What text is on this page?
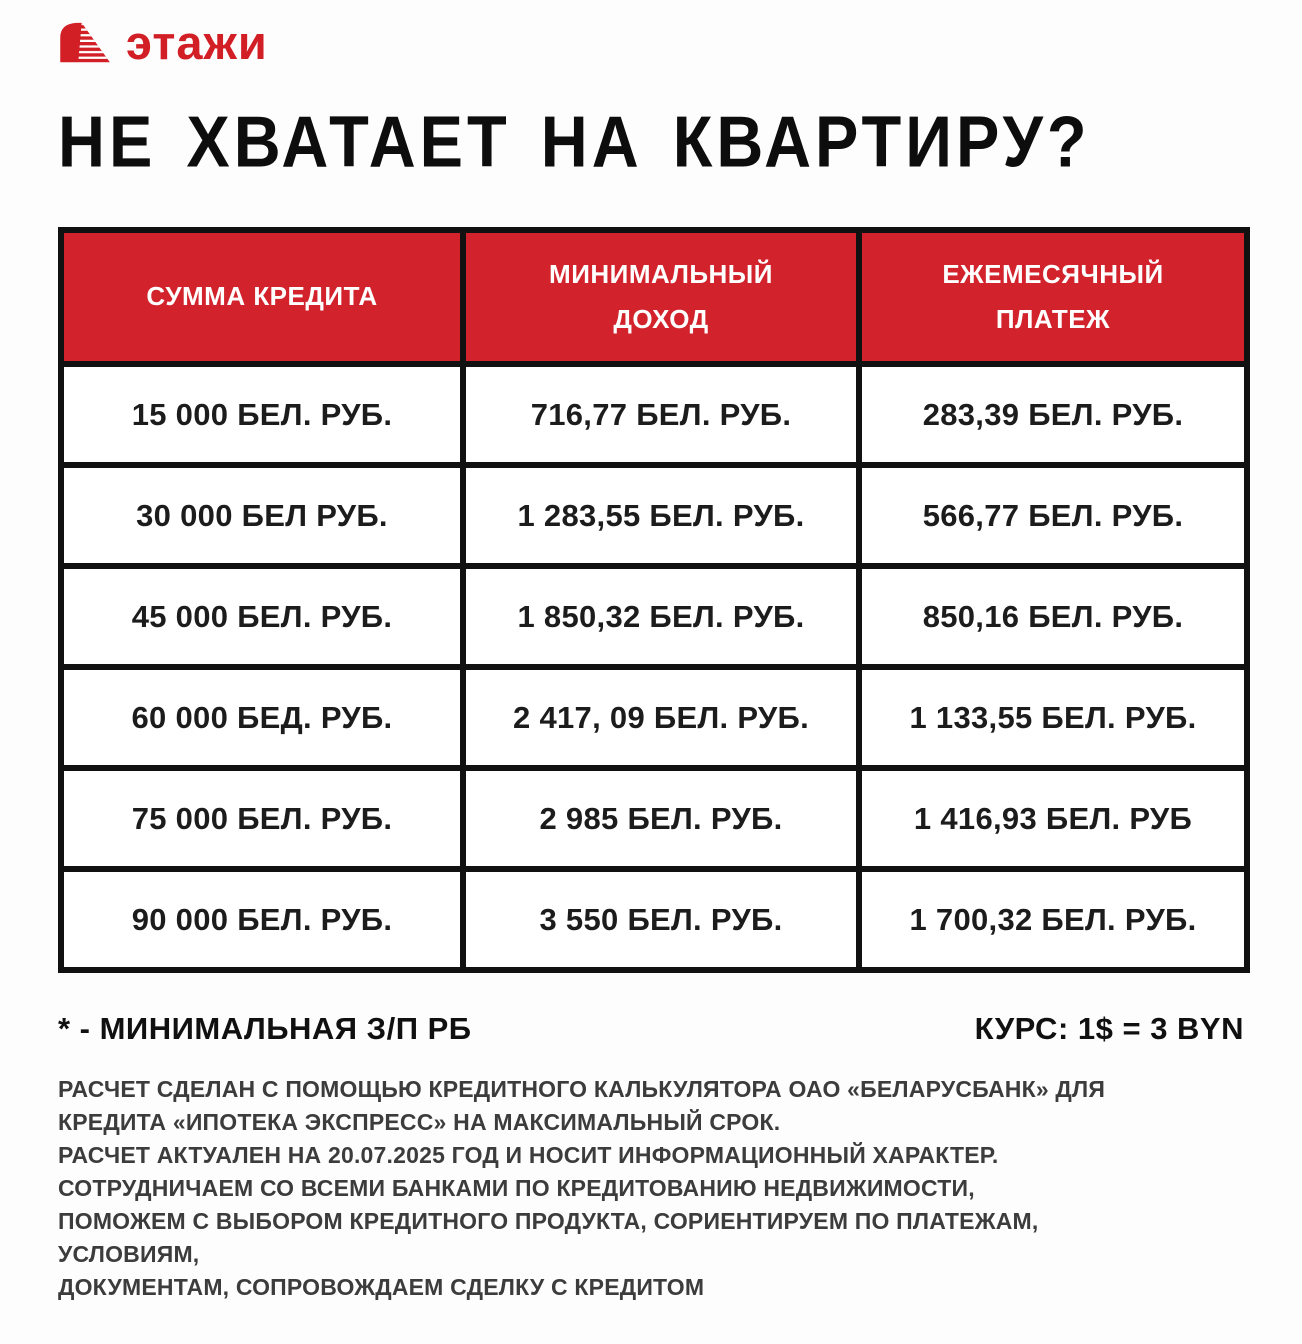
этажи
НЕ ХВАТАЕТ НА КВАРТИРУ?
СУММА КРЕДИТА	МИНИМАЛЬНЫЙ ДОХОД	ЕЖЕМЕСЯЧНЫЙ ПЛАТЕЖ
15 000 БЕЛ. РУБ.	716,77 БЕЛ. РУБ.	283,39 БЕЛ. РУБ.
30 000 БЕЛ РУБ.	1 283,55 БЕЛ. РУБ.	566,77 БЕЛ. РУБ.
45 000 БЕЛ. РУБ.	1 850,32 БЕЛ. РУБ.	850,16 БЕЛ. РУБ.
60 000 БЕД. РУБ.	2 417, 09 БЕЛ. РУБ.	1 133,55 БЕЛ. РУБ.
75 000 БЕЛ. РУБ.	2 985 БЕЛ. РУБ.	1 416,93 БЕЛ. РУБ
90 000 БЕЛ. РУБ.	3 550 БЕЛ. РУБ.	1 700,32 БЕЛ. РУБ.
* - МИНИМАЛЬНАЯ З/П РБ	КУРС: 1$ = 3 BYN
РАСЧЕТ СДЕЛАН С ПОМОЩЬЮ КРЕДИТНОГО КАЛЬКУЛЯТОРА ОАО «БЕЛАРУСБАНК» ДЛЯ
КРЕДИТА «ИПОТЕКА ЭКСПРЕСС» НА МАКСИМАЛЬНЫЙ СРОК.
РАСЧЕТ АКТУАЛЕН НА 20.07.2025 ГОД И НОСИТ ИНФОРМАЦИОННЫЙ ХАРАКТЕР.
СОТРУДНИЧАЕМ СО ВСЕМИ БАНКАМИ ПО КРЕДИТОВАНИЮ НЕДВИЖИМОСТИ,
ПОМОЖЕМ С ВЫБОРОМ КРЕДИТНОГО ПРОДУКТА, СОРИЕНТИРУЕМ ПО ПЛАТЕЖАМ,
УСЛОВИЯМ,
ДОКУМЕНТАМ, СОПРОВОЖДАЕМ СДЕЛКУ С КРЕДИТОМ
